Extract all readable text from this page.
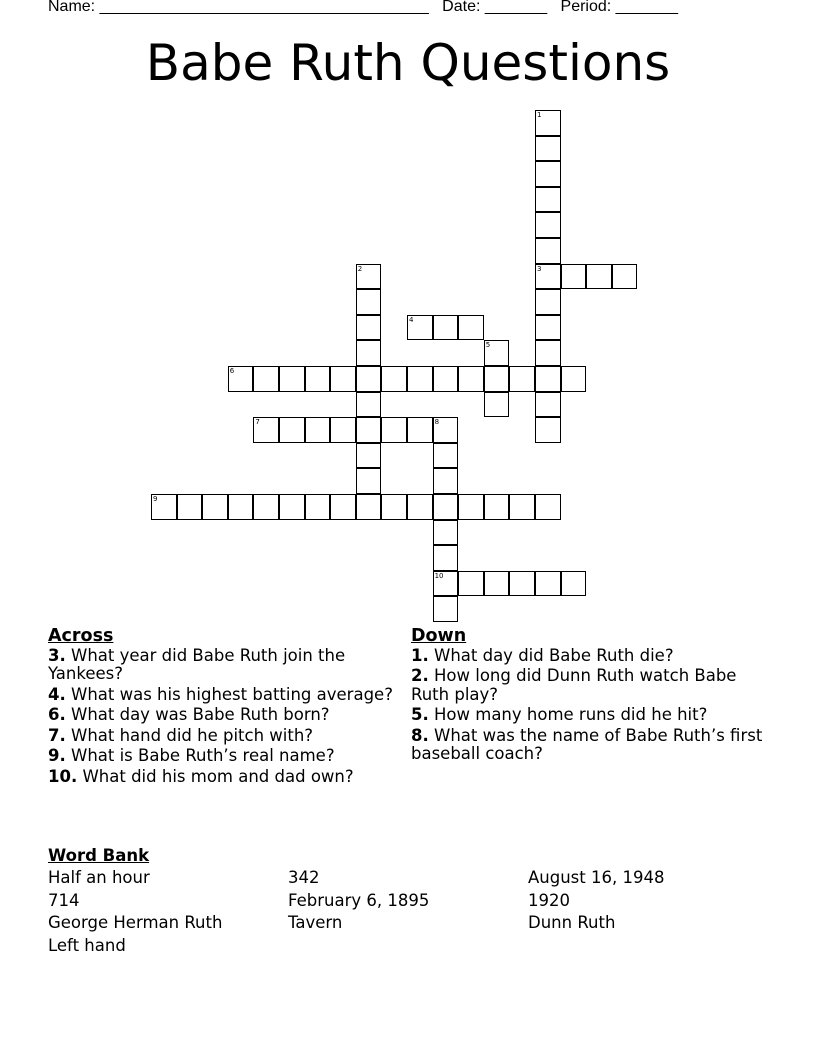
Name: _____________________________________ Date: _______ Period: _______
Babe Ruth Questions
1
3
2
4
5
6
7	8
10
9
Across
3. What year did Babe Ruth join the Yankees?
4. What was his highest batting average?
6. What day was Babe Ruth born?
7. What hand did he pitch with?
9. What is Babe Ruth’s real name?
10. What did his mom and dad own?
Down
1. What day did Babe Ruth die?
2. How long did Dunn Ruth watch Babe Ruth play?
5. How many home runs did he hit?
8. What was the name of Babe Ruth’s first baseball coach?
Word Bank
Half an hour	342	August 16, 1948
714	February 6, 1895	1920
George Herman Ruth	Tavern	Dunn Ruth
Left hand
